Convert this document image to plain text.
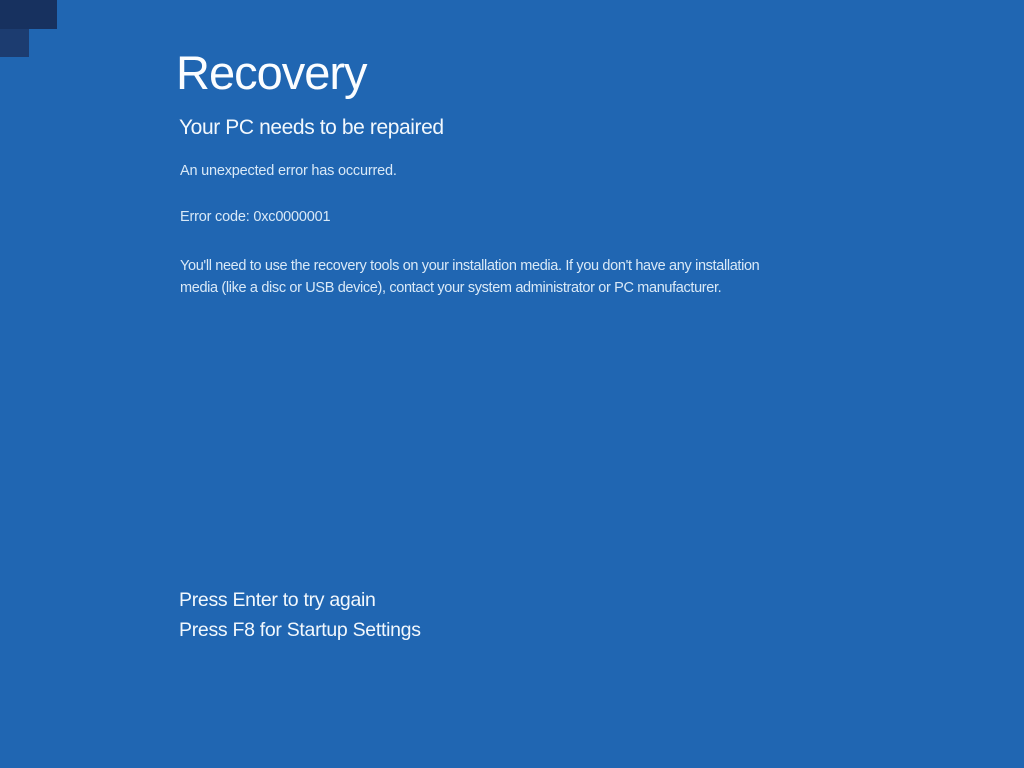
Recovery
Your PC needs to be repaired
An unexpected error has occurred.
Error code: 0xc0000001
You'll need to use the recovery tools on your installation media. If you don't have any installation
media (like a disc or USB device), contact your system administrator or PC manufacturer.
Press Enter to try again
Press F8 for Startup Settings
